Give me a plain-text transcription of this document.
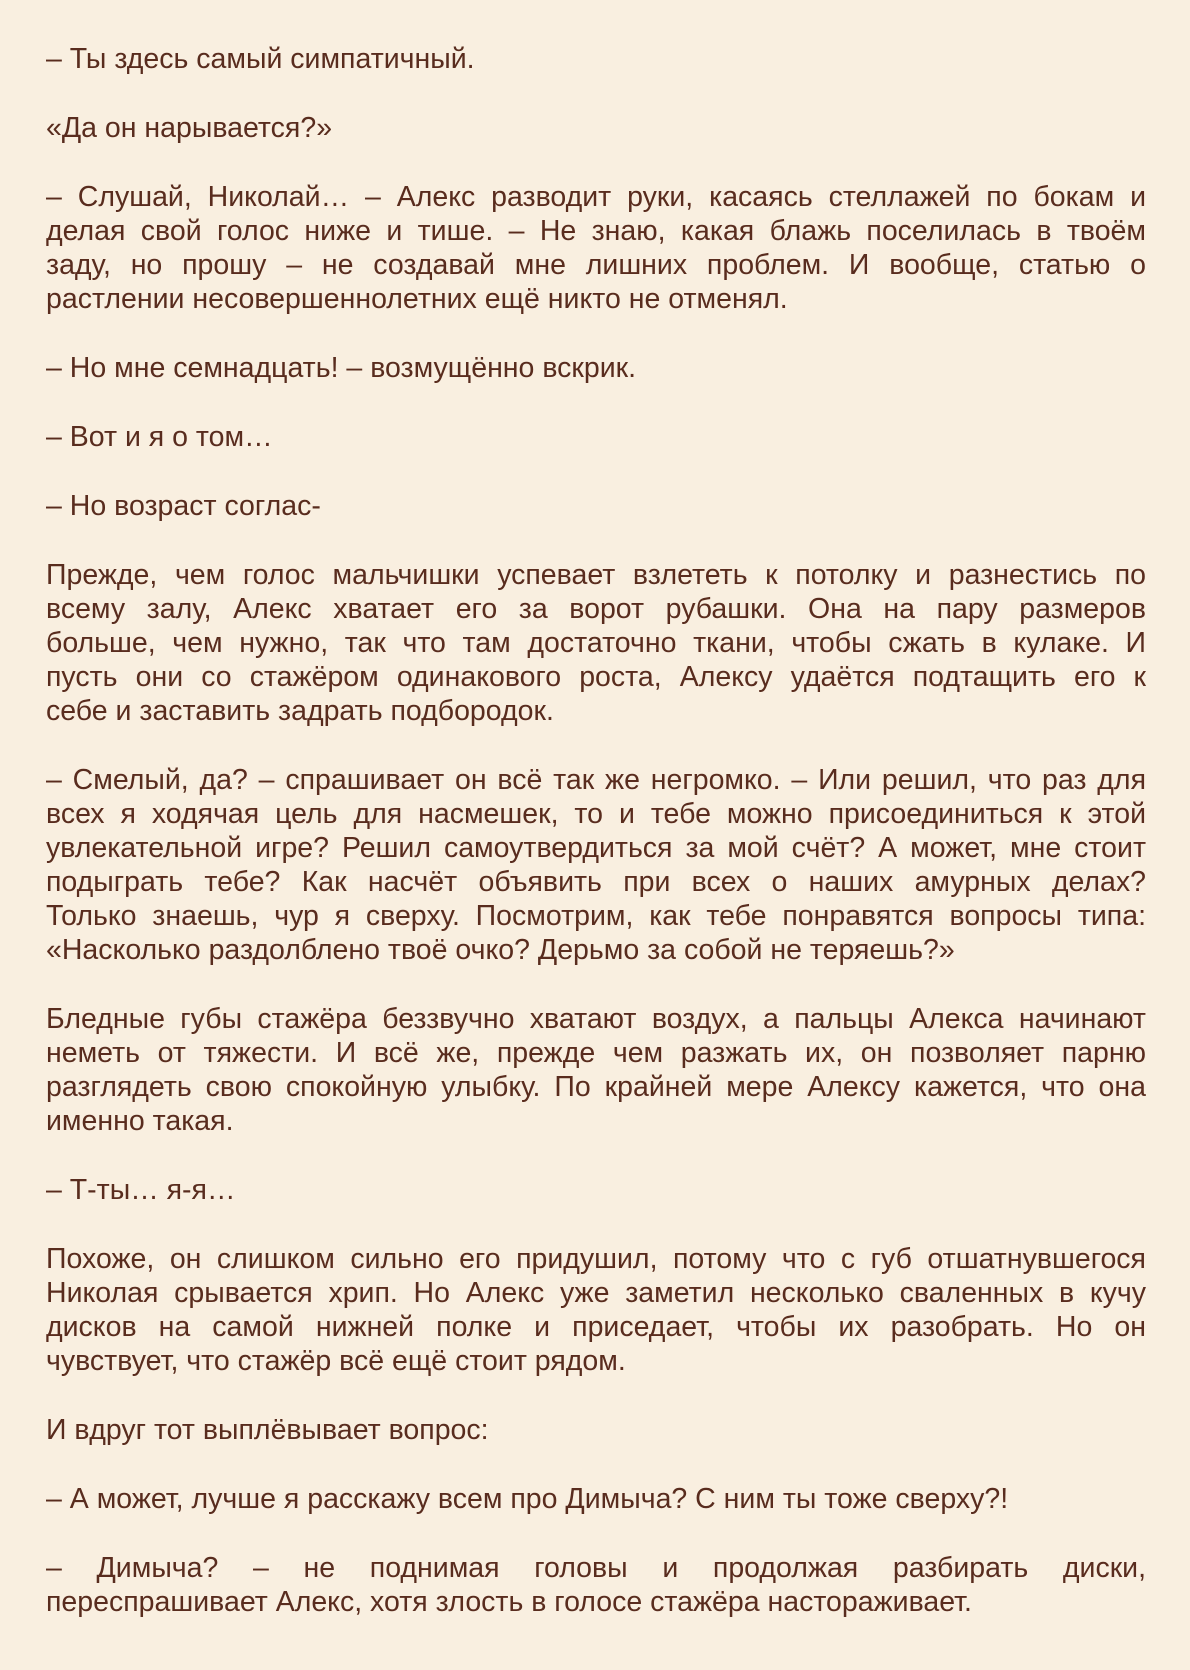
– Ты здесь самый симпатичный.

«Да он нарывается?»

– Слушай, Николай… – Алекс разводит руки, касаясь стеллажей по бокам и
делая свой голос ниже и тише. – Не знаю, какая блажь поселилась в твоём
заду, но прошу – не создавай мне лишних проблем. И вообще, статью о
растлении несовершеннолетних ещё никто не отменял.

– Но мне семнадцать! – возмущённо вскрик.

– Вот и я о том…

– Но возраст соглас-

Прежде, чем голос мальчишки успевает взлететь к потолку и разнестись по
всему залу, Алекс хватает его за ворот рубашки. Она на пару размеров
больше, чем нужно, так что там достаточно ткани, чтобы сжать в кулаке. И
пусть они со стажёром одинакового роста, Алексу удаётся подтащить его к
себе и заставить задрать подбородок.

– Смелый, да? – спрашивает он всё так же негромко. – Или решил, что раз для
всех я ходячая цель для насмешек, то и тебе можно присоединиться к этой
увлекательной игре? Решил самоутвердиться за мой счёт? А может, мне стоит
подыграть тебе? Как насчёт объявить при всех о наших амурных делах?
Только знаешь, чур я сверху. Посмотрим, как тебе понравятся вопросы типа:
«Насколько раздолблено твоё очко? Дерьмо за собой не теряешь?»

Бледные губы стажёра беззвучно хватают воздух, а пальцы Алекса начинают
неметь от тяжести. И всё же, прежде чем разжать их, он позволяет парню
разглядеть свою спокойную улыбку. По крайней мере Алексу кажется, что она
именно такая.

– Т-ты… я-я…

Похоже, он слишком сильно его придушил, потому что с губ отшатнувшегося
Николая срывается хрип. Но Алекс уже заметил несколько сваленных в кучу
дисков на самой нижней полке и приседает, чтобы их разобрать. Но он
чувствует, что стажёр всё ещё стоит рядом.

И вдруг тот выплёвывает вопрос:

– А может, лучше я расскажу всем про Димыча? С ним ты тоже сверху?!

– Димыча? – не поднимая головы и продолжая разбирать диски,
переспрашивает Алекс, хотя злость в голосе стажёра настораживает.
